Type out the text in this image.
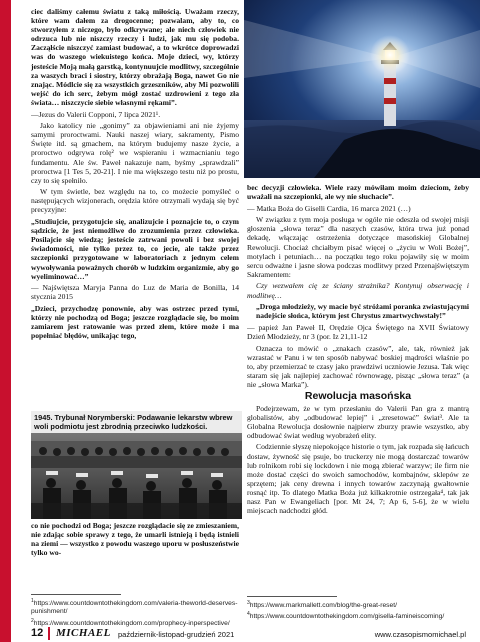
ciec daliśmy całemu światu z taką miłością. Uważam rzeczy, które wam dałem za drogocenne; pozwalam, aby to, co stworzyłem z niczego, było odkrywane; ale niech człowiek nie odrzuca lub nie niszczy rzeczy i ludzi, jak mu się podoba. Zacząłście niszczyć zamiast budować, a to wkrótce doprowadzi was do waszego wiekuistego końca. Moje dzieci, wy, którzy jesteście Moją małą garstką, kontynuujcie modlitwy, szczególnie za waszych braci i siostry, którzy obrażają Boga, nawet Go nie znając. Módlcie się za wszystkich grzeszników, aby Mi pozwolili wejść do ich serc, żebym mógł zostać uzdrowieni z tego zła świata… niszczycie siebie własnymi rękami”.

—Jezus do Valerii Copponi, 7 lipca 2021¹.

Jako katolicy nie „gonimy” za objawieniami ani nie żyjemy samymi proroctwami. Nauki naszej wiary, sakramenty, Pismo Święte itd. są gmachem, na którym budujemy nasze życie, a proroctwo odgrywa rolę² we wspieraniu i wzmacnianiu tego fundamentu. Ale św. Paweł nakazuje nam, byśmy „sprawdzali” proroctwa [1 Tes 5, 20-21]. I nie ma większego testu niż po prostu, czy to się spełniło.

W tym świetle, bez względu na to, co możecie pomyśleć o następujących wizjonerach, orędzia które otrzymali wydają się być precyzyjne:

„Studiujcie, przygotujcie się, analizujcie i poznajcie to, o czym sądzicie, że jest niemożliwe do zrozumienia przez człowieka. Posilajcie się wiedzą; jesteście zatrwani powoli i bez swojej świadomości, nie tylko przez to, co jecie, ale także przez szczepionki przygotowane w laboratoriach z jednym celem wywoływania poważnych chorób w ludzkim organizmie, aby go wyeliminować…”

— Najświętsza Maryja Panna do Luz de Maria de Bonilla, 14 stycznia 2015

„Dzieci, przychodzę ponownie, aby was ostrzec przed tymi, którzy nie pochodzą od Boga; jeszcze rozglądacie się, bo moim zamiarem jest ratowanie was przed złem, które może i ma popełniać błędów, unikając tego,

1945. Trybunał Norymberski: Podawanie lekarstw wbrew woli podmiotu jest zbrodnią przeciwko ludzkości.

co nie pochodzi od Boga; jeszcze rozglądacie się ze zmieszaniem, nie zdając sobie sprawy z tego, że umarli istnieją i będą istnieli na ziemi — wszystko z powodu waszego uporu w posłuszeństwie tylko wo-

bec decyzji człowieka. Wiele razy mówiłam moim dzieciom, żeby uważali na szczepionki, ale wy nie słuchacie”.

— Matka Boża do Giselli Cardia, 16 marca 2021 (…)

W związku z tym moja posługa w ogóle nie odeszła od swojej misji głoszenia „słowa teraz” dla naszych czasów, która trwa już ponad dekadę, włączając ostrzeżenia dotyczące masońskiej Globalnej Rewolucji. Chociaż chciałbym pisać więcej o „życiu w Woli Bożej”, motylach i petuniach… na początku tego roku pojawiły się w moim sercu odważne i jasne słowa podczas modlitwy przed Przenajświętszym Sakramentem:

Czy wezwałem cię ze ściany strażnika? Kontynuj obserwację i modlitwę…

„Droga młodzieży, wy macie być stróżami poranka zwiastującymi nadejście słońca, którym jest Chrystus zmartwychwstały!”

— papież Jan Paweł II, Orędzie Ojca Świętego na XVII Światowy Dzień Młodzieży, nr 3 (por. Iz 21,11-12

Oznacza to mówić o „znakach czasów”, ale, tak, również jak wzrastać w Panu i w ten sposób nabywać boskiej mądrości właśnie po to, aby przemierzać te czasy jako prawdziwi uczniowie Jezusa. Tak więc staram się jak najlepiej zachować równowagę, pisząc „słowa teraz” (a nie „słowa Marka”).

Rewolucja masońska

Podejrzewam, że w tym przesłaniu do Valerii Pan gra z mantrą globalistów, aby „odbudować lepiej” i „zresetować” świat³. Ale ta Globalna Rewolucja dosłownie najpierw zburzy prawie wszystko, aby odbudować świat według wyobrażeń elity.

Codziennie słyszę niepokojące historie o tym, jak rozpada się łańcuch dostaw, żywność się psuje, bo truckerzy nie mogą dostarczać towarów lub rolnikom robi się lockdown i nie mogą zbierać warzyw; ile firm nie może dostać części do swoich samochodów, kombajnów, sklepów ze sprzętem; jak ceny drewna i innych towarów zaczynają gwałtownie rosnąć itp. To dlatego Matka Boża już kilkakrotnie ostrzegała⁴, tak jak nasz Pan w Ewangeliach [por. Mt 24, 7; Ap 6, 5-6], że w wielu miejscach nadchodzi głód.

$^1$https://www.countdowntothekingdom.com/valeria-theworld-deserves-punishment/
$^2$https://www.countdowntothekingdom.com/prophecy-inperspective/
$^3$https://www.markmallett.com/blog/the-great-reset/
$^4$https://www.countdowntothekingdom.com/gisella-famineiscoming/
12 MICHAEL październik-listopad-grudzień 2021	www.czasopismomichael.pl
